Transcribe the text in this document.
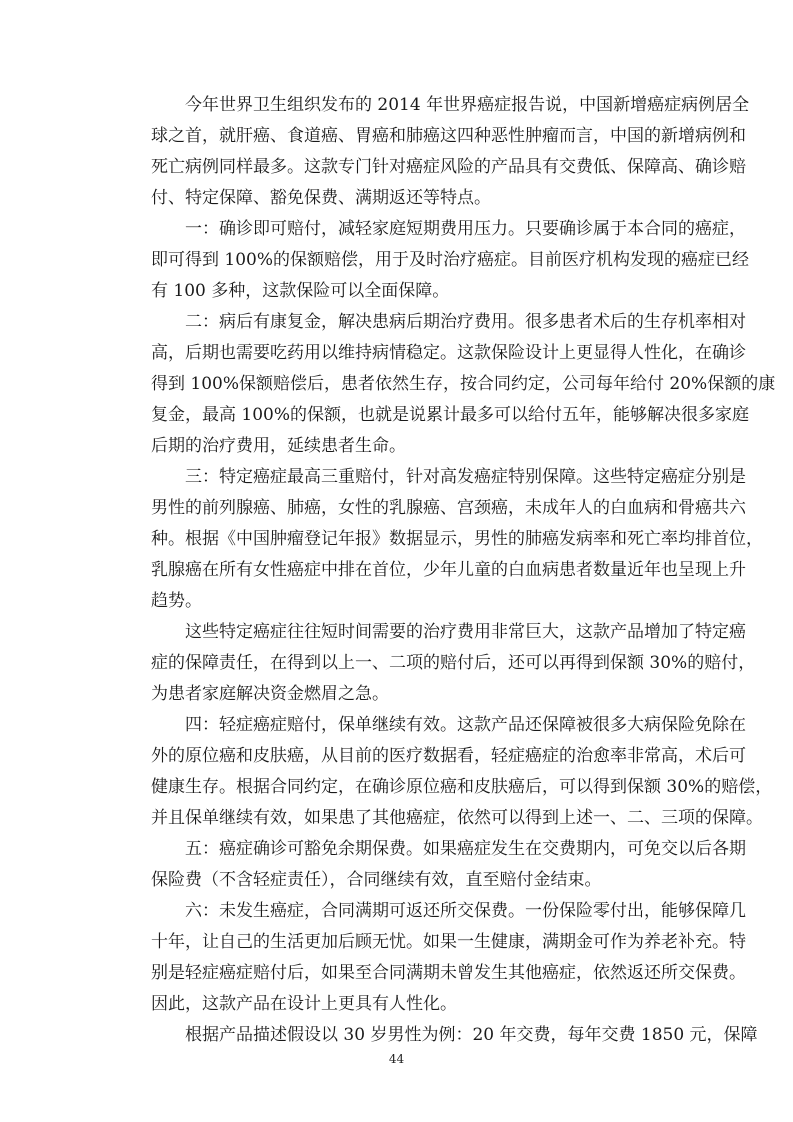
今年世界卫生组织发布的 2014 年世界癌症报告说，中国新增癌症病例居全
球之首，就肝癌、食道癌、胃癌和肺癌这四种恶性肿瘤而言，中国的新增病例和
死亡病例同样最多。这款专门针对癌症风险的产品具有交费低、保障高、确诊赔
付、特定保障、豁免保费、满期返还等特点。
一：确诊即可赔付，减轻家庭短期费用压力。只要确诊属于本合同的癌症，
即可得到 100%的保额赔偿，用于及时治疗癌症。目前医疗机构发现的癌症已经
有 100 多种，这款保险可以全面保障。
二：病后有康复金，解决患病后期治疗费用。很多患者术后的生存机率相对
高，后期也需要吃药用以维持病情稳定。这款保险设计上更显得人性化，在确诊
得到 100%保额赔偿后，患者依然生存，按合同约定，公司每年给付 20%保额的康
复金，最高 100%的保额，也就是说累计最多可以给付五年，能够解决很多家庭
后期的治疗费用，延续患者生命。
三：特定癌症最高三重赔付，针对高发癌症特别保障。这些特定癌症分别是
男性的前列腺癌、肺癌，女性的乳腺癌、宫颈癌，未成年人的白血病和骨癌共六
种。根据《中国肿瘤登记年报》数据显示，男性的肺癌发病率和死亡率均排首位，
乳腺癌在所有女性癌症中排在首位，少年儿童的白血病患者数量近年也呈现上升
趋势。
这些特定癌症往往短时间需要的治疗费用非常巨大，这款产品增加了特定癌
症的保障责任，在得到以上一、二项的赔付后，还可以再得到保额 30%的赔付，
为患者家庭解决资金燃眉之急。
四：轻症癌症赔付，保单继续有效。这款产品还保障被很多大病保险免除在
外的原位癌和皮肤癌，从目前的医疗数据看，轻症癌症的治愈率非常高，术后可
健康生存。根据合同约定，在确诊原位癌和皮肤癌后，可以得到保额 30%的赔偿，
并且保单继续有效，如果患了其他癌症，依然可以得到上述一、二、三项的保障。
五：癌症确诊可豁免余期保费。如果癌症发生在交费期内，可免交以后各期
保险费（不含轻症责任），合同继续有效，直至赔付金结束。
六：未发生癌症，合同满期可返还所交保费。一份保险零付出，能够保障几
十年，让自己的生活更加后顾无忧。如果一生健康，满期金可作为养老补充。特
别是轻症癌症赔付后，如果至合同满期未曾发生其他癌症，依然返还所交保费。
因此，这款产品在设计上更具有人性化。
根据产品描述假设以 30 岁男性为例：20 年交费，每年交费 1850 元，保障
44
